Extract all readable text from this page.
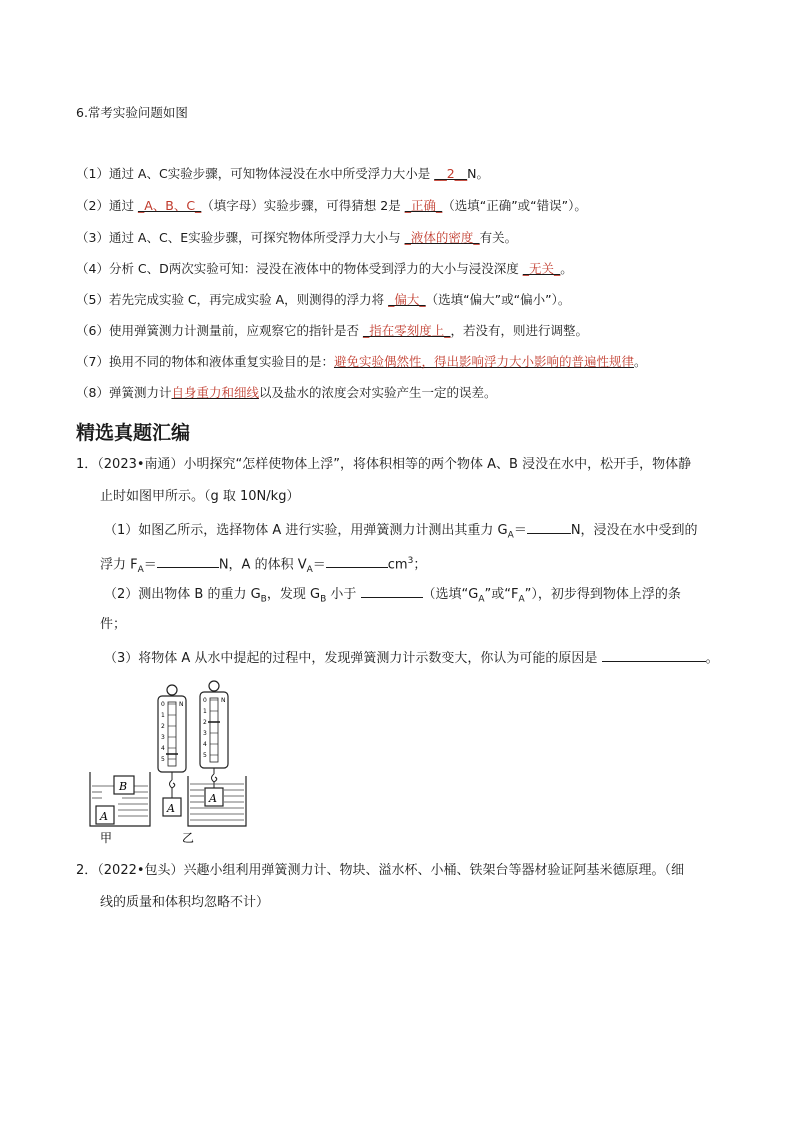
6.常考实验问题如图
（1）通过 A、C实验步骤，可知物体浸没在水中所受浮力大小是 __2__N。
（2）通过 _A、B、C_（填字母）实验步骤，可得猜想 2是 _正确_（选填“正确”或“错误”）。
（3）通过 A、C、E实验步骤，可探究物体所受浮力大小与 _液体的密度_有关。
（4）分析 C、D两次实验可知：浸没在液体中的物体受到浮力的大小与浸没深度 _无关_。
（5）若先完成实验 C，再完成实验 A，则测得的浮力将 _偏大_（选填“偏大”或“偏小”）。
（6）使用弹簧测力计测量前，应观察它的指针是否 _指在零刻度上_，若没有，则进行调整。
（7）换用不同的物体和液体重复实验目的是：避免实验偶然性，得出影响浮力大小影响的普遍性规律。
（8）弹簧测力计自身重力和细线以及盐水的浓度会对实验产生一定的误差。
精选真题汇编
1．（2023•南通）小明探究“怎样使物体上浮”，将体积相等的两个物体 A、B 浸没在水中，松开手，物体静
止时如图甲所示。（g 取 10N/kg）
（1）如图乙所示，选择物体 A 进行实验，用弹簧测力计测出其重力 $G_A=$	N，浸没在水中受到的
浮力 $F_A=$	N，A 的体积 $V_A=$	$cm^3$；
（2）测出物体 B 的重力 $G_B$，发现 $G_B$ 小于	（选填“$G_A$”或“$F_A$”），初步得到物体上浮的条
件；
（3）将物体 A 从水中提起的过程中，发现弹簧测力计示数变大，你认为可能的原因是	。
B
A
甲
0
1
2
3
4
5
N
A
0
1
2
3
4
5
N
A
乙
2．（2022•包头）兴趣小组利用弹簧测力计、物块、溢水杯、小桶、铁架台等器材验证阿基米德原理。（细
线的质量和体积均忽略不计）
